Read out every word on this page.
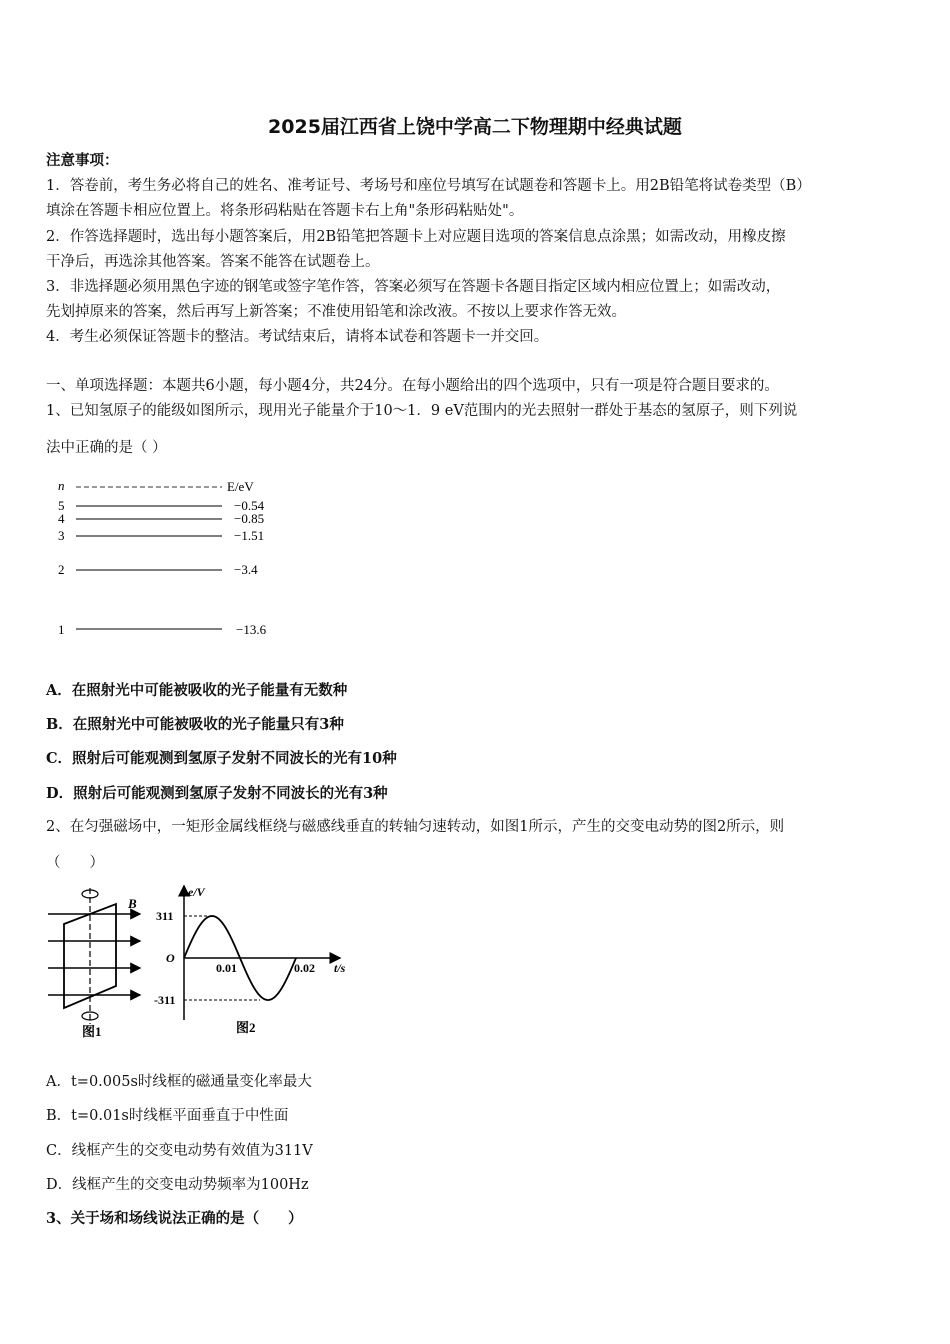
2025届江西省上饶中学高二下物理期中经典试题
注意事项：
1．答卷前，考生务必将自己的姓名、准考证号、考场号和座位号填写在试题卷和答题卡上。用2B铅笔将试卷类型（B）
填涂在答题卡相应位置上。将条形码粘贴在答题卡右上角"条形码粘贴处"。
2．作答选择题时，选出每小题答案后，用2B铅笔把答题卡上对应题目选项的答案信息点涂黑；如需改动，用橡皮擦
干净后，再选涂其他答案。答案不能答在试题卷上。
3．非选择题必须用黑色字迹的钢笔或签字笔作答，答案必须写在答题卡各题目指定区域内相应位置上；如需改动，
先划掉原来的答案，然后再写上新答案；不准使用铅笔和涂改液。不按以上要求作答无效。
4．考生必须保证答题卡的整洁。考试结束后，请将本试卷和答题卡一并交回。
一、单项选择题：本题共6小题，每小题4分，共24分。在每小题给出的四个选项中，只有一项是符合题目要求的。
1、已知氢原子的能级如图所示，现用光子能量介于10～1．9 eV范围内的光去照射一群处于基态的氢原子，则下列说
法中正确的是（ ）
n	E/eV
5	−0.54
4	−0.85
3	−1.51
2	−3.4
1	−13.6
A．在照射光中可能被吸收的光子能量有无数种
B．在照射光中可能被吸收的光子能量只有3种
C．照射后可能观测到氢原子发射不同波长的光有10种
D．照射后可能观测到氢原子发射不同波长的光有3种
2、在匀强磁场中，一矩形金属线框绕与磁感线垂直的转轴匀速转动，如图1所示，产生的交变电动势的图2所示，则
（　　）
B
图1
e/V
t/s
O
311
-311
0.01	0.02
图2
A．t=0.005s时线框的磁通量变化率最大
B．t=0.01s时线框平面垂直于中性面
C．线框产生的交变电动势有效值为311V
D．线框产生的交变电动势频率为100Hz
3、关于场和场线说法正确的是（　　）
